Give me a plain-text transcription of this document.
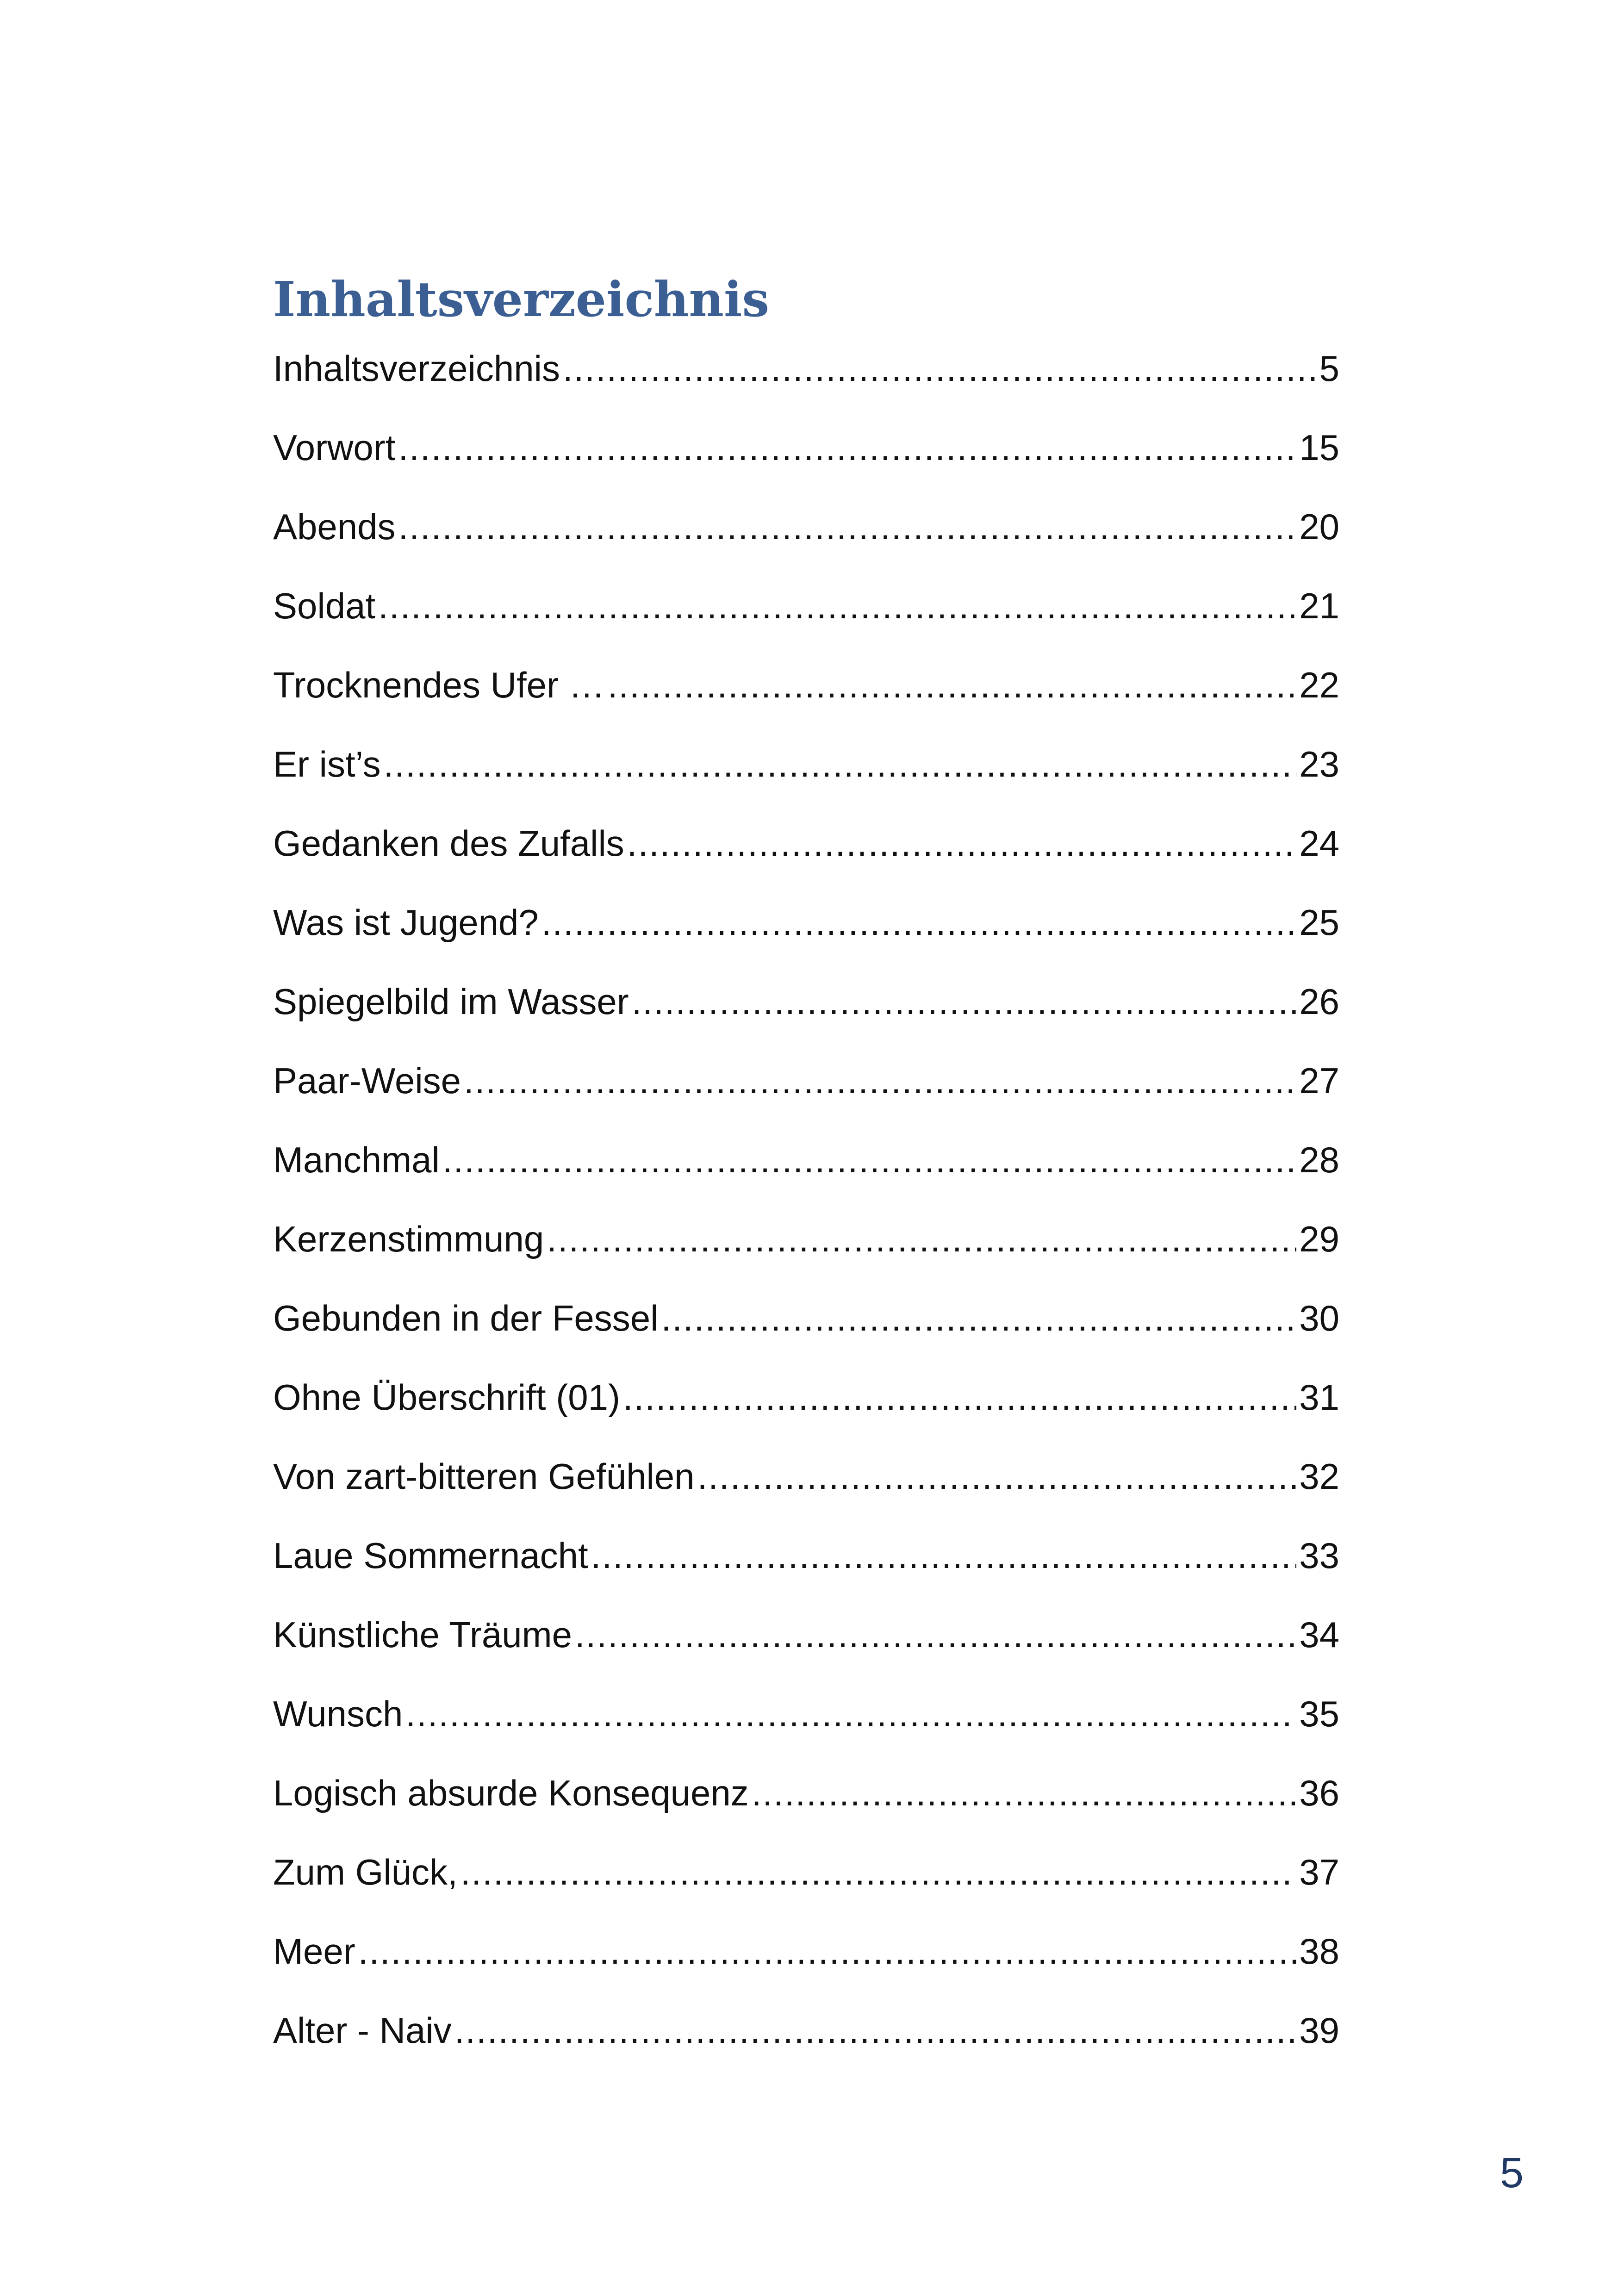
Inhaltsverzeichnis
Inhaltsverzeichnis .....	5
Vorwort .....	15
Abends .....	20
Soldat .....	21
Trocknendes Ufer … .....	22
Er ist’s .....	23
Gedanken des Zufalls .....	24
Was ist Jugend? .....	25
Spiegelbild im Wasser .....	26
Paar-Weise .....	27
Manchmal .....	28
Kerzenstimmung .....	29
Gebunden in der Fessel .....	30
Ohne Überschrift (01) .....	31
Von zart-bitteren Gefühlen .....	32
Laue Sommernacht .....	33
Künstliche Träume .....	34
Wunsch .....	35
Logisch absurde Konsequenz .....	36
Zum Glück, .....	37
Meer .....	38
Alter - Naiv .....	39
5
